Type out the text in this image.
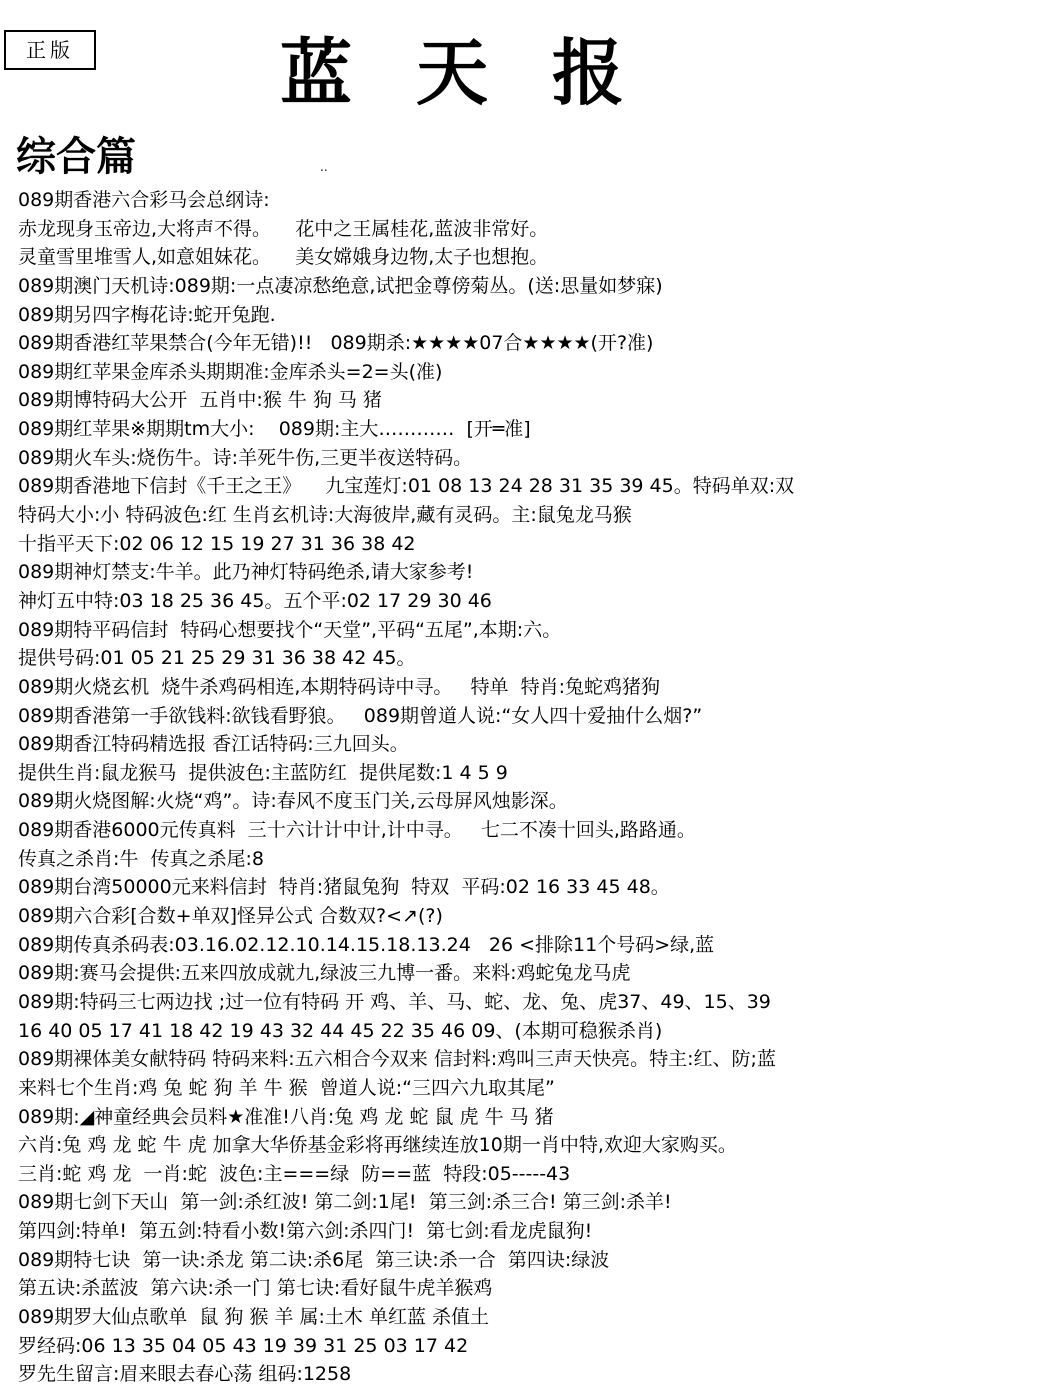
正版	蓝 天 报
综合篇	..
089期香港六合彩马会总纲诗:
赤龙现身玉帝边,大将声不得。    花中之王属桂花,蓝波非常好。
灵童雪里堆雪人,如意姐妹花。    美女嫦娥身边物,太子也想抱。
089期澳门天机诗:089期:一点凄凉愁绝意,试把金尊傍菊丛。(送:思量如梦寐)
089期另四字梅花诗:蛇开兔跑.
089期香港红苹果禁合(今年无错)!!   089期杀:★★★★07合★★★★(开?准)
089期红苹果金库杀头期期准:金库杀头=2=头(准)
089期博特码大公开  五肖中:猴 牛 狗 马 猪
089期红苹果※期期tm大小:    089期:主大…………  [开═准]
089期火车头:烧伤牛。诗:羊死牛伤,三更半夜送特码。
089期香港地下信封《千王之王》    九宝莲灯:01 08 13 24 28 31 35 39 45。特码单双:双
特码大小:小 特码波色:红 生肖玄机诗:大海彼岸,藏有灵码。主:鼠兔龙马猴
十指平天下:02 06 12 15 19 27 31 36 38 42
089期神灯禁支:牛羊。此乃神灯特码绝杀,请大家参考!
神灯五中特:03 18 25 36 45。五个平:02 17 29 30 46
089期特平码信封  特码心想要找个“天堂”,平码“五尾”,本期:六。
提供号码:01 05 21 25 29 31 36 38 42 45。
089期火烧玄机  烧牛杀鸡码相连,本期特码诗中寻。   特单  特肖:兔蛇鸡猪狗
089期香港第一手欲钱料:欲钱看野狼。   089期曾道人说:“女人四十爱抽什么烟?”
089期香江特码精选报 香江话特码:三九回头。
提供生肖:鼠龙猴马  提供波色:主蓝防红  提供尾数:1 4 5 9
089期火烧图解:火烧“鸡”。诗:春风不度玉门关,云母屏风烛影深。
089期香港6000元传真料  三十六计计中计,计中寻。   七二不凑十回头,路路通。
传真之杀肖:牛  传真之杀尾:8
089期台湾50000元来料信封  特肖:猪鼠兔狗  特双  平码:02 16 33 45 48。
089期六合彩[合数+单双]怪异公式 合数双?<↗(?)
089期传真杀码表:03.16.02.12.10.14.15.18.13.24   26 <排除11个号码>绿,蓝
089期:赛马会提供:五来四放成就九,绿波三九博一番。来料:鸡蛇兔龙马虎
089期:特码三七两边找 ;过一位有特码 开 鸡、羊、马、蛇、龙、兔、虎37、49、15、39
16 40 05 17 41 18 42 19 43 32 44 45 22 35 46 09、(本期可稳猴杀肖)
089期裸体美女献特码 特码来料:五六相合今双来 信封料:鸡叫三声天快亮。特主:红、防;蓝
来料七个生肖:鸡 兔 蛇 狗 羊 牛 猴  曾道人说:“三四六九取其尾”
089期:◢神童经典会员料★准准!八肖:兔 鸡 龙 蛇 鼠 虎 牛 马 猪
六肖:兔 鸡 龙 蛇 牛 虎 加拿大华侨基金彩将再继续连放10期一肖中特,欢迎大家购买。
三肖:蛇 鸡 龙  一肖:蛇  波色:主===绿  防==蓝  特段:05-----43
089期七剑下天山  第一剑:杀红波! 第二剑:1尾!  第三剑:杀三合! 第三剑:杀羊!
第四剑:特单!  第五剑:特看小数!第六剑:杀四门!  第七剑:看龙虎鼠狗!
089期特七诀  第一诀:杀龙 第二诀:杀6尾  第三诀:杀一合  第四诀:绿波
第五诀:杀蓝波  第六诀:杀一门 第七诀:看好鼠牛虎羊猴鸡
089期罗大仙点歌单  鼠 狗 猴 羊 属:土木 单红蓝 杀值土
罗经码:06 13 35 04 05 43 19 39 31 25 03 17 42
罗先生留言:眉来眼去春心荡 组码:1258
